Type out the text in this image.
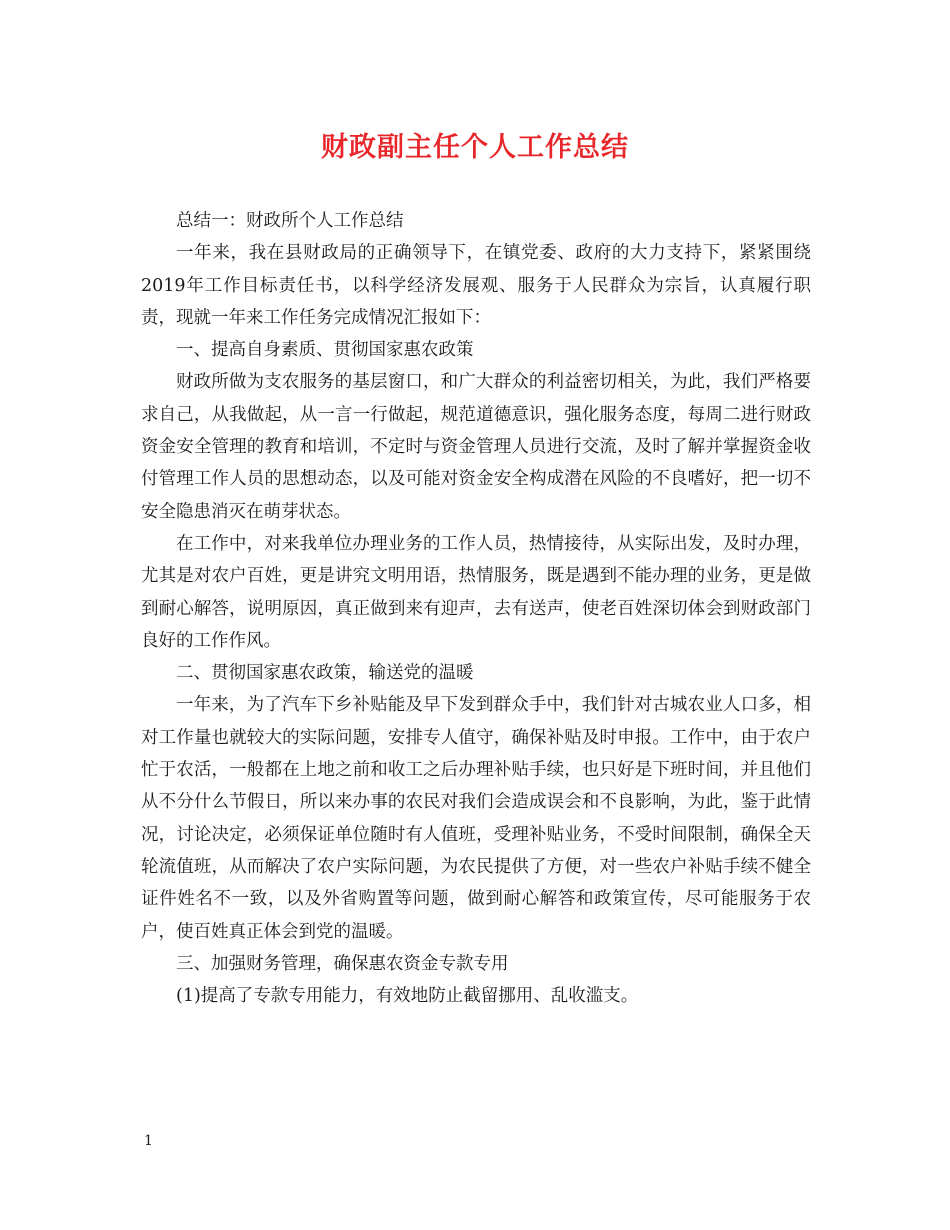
财政副主任个人工作总结

总结一：财政所个人工作总结

一年来，我在县财政局的正确领导下，在镇党委、政府的大力支持下，紧紧围绕2019年工作目标责任书，以科学经济发展观、服务于人民群众为宗旨，认真履行职责，现就一年来工作任务完成情况汇报如下：

一、提高自身素质、贯彻国家惠农政策

财政所做为支农服务的基层窗口，和广大群众的利益密切相关，为此，我们严格要求自己，从我做起，从一言一行做起，规范道德意识，强化服务态度，每周二进行财政资金安全管理的教育和培训，不定时与资金管理人员进行交流，及时了解并掌握资金收付管理工作人员的思想动态，以及可能对资金安全构成潜在风险的不良嗜好，把一切不安全隐患消灭在萌芽状态。

在工作中，对来我单位办理业务的工作人员，热情接待，从实际出发，及时办理，尤其是对农户百姓，更是讲究文明用语，热情服务，既是遇到不能办理的业务，更是做到耐心解答，说明原因，真正做到来有迎声，去有送声，使老百姓深切体会到财政部门良好的工作作风。

二、贯彻国家惠农政策，输送党的温暖

一年来，为了汽车下乡补贴能及早下发到群众手中，我们针对古城农业人口多，相对工作量也就较大的实际问题，安排专人值守，确保补贴及时申报。工作中，由于农户忙于农活，一般都在上地之前和收工之后办理补贴手续，也只好是下班时间，并且他们从不分什么节假日，所以来办事的农民对我们会造成误会和不良影响，为此，鉴于此情况，讨论决定，必须保证单位随时有人值班，受理补贴业务，不受时间限制，确保全天轮流值班，从而解决了农户实际问题，为农民提供了方便，对一些农户补贴手续不健全证件姓名不一致，以及外省购置等问题，做到耐心解答和政策宣传，尽可能服务于农户，使百姓真正体会到党的温暖。

三、加强财务管理，确保惠农资金专款专用

(1)提高了专款专用能力，有效地防止截留挪用、乱收滥支。

1
